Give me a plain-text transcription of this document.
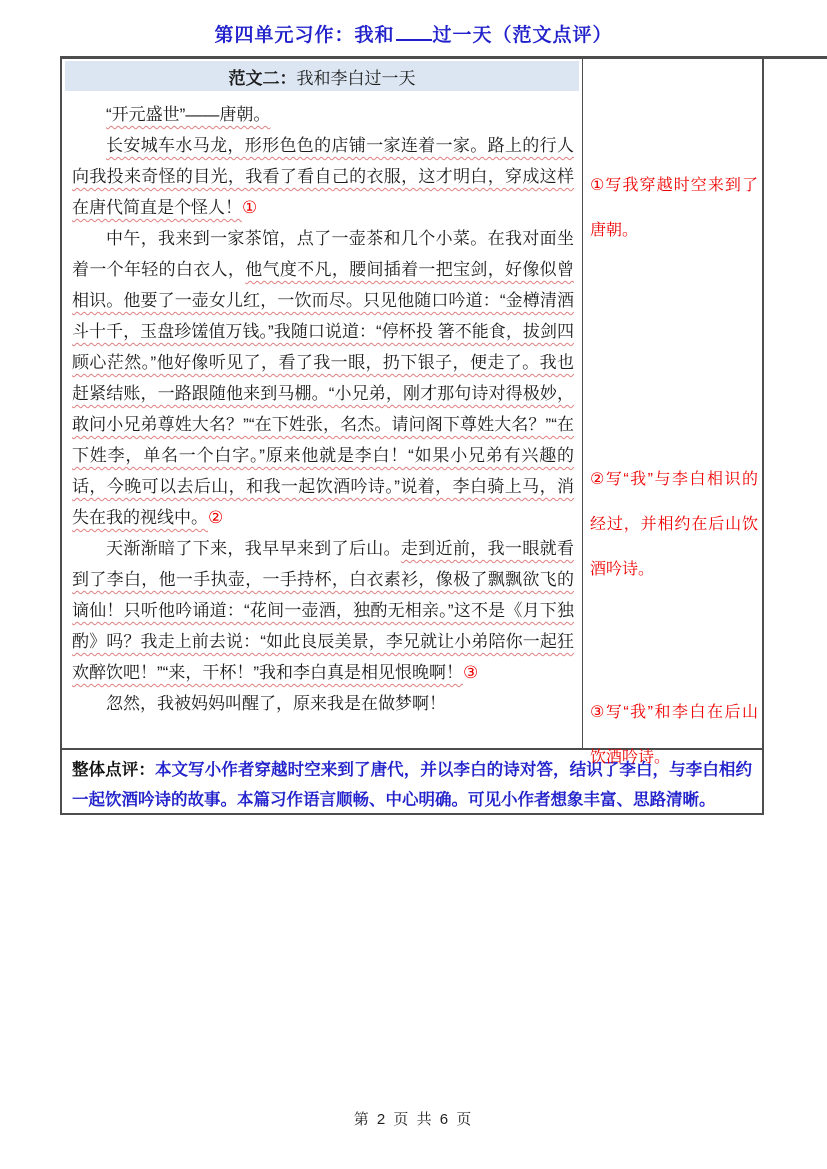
第四单元习作：我和 过一天（范文点评）
范文二： 我和李白过一天

“开元盛世”——唐朝。

长安城车水马龙，形形色色的店铺一家连着一家。路上的行人向我投来奇怪的目光，我看了看自己的衣服，这才明白，穿成这样在唐代简直是个怪人！①

中午，我来到一家茶馆，点了一壶茶和几个小菜。在我对面坐着一个年轻的白衣人，他气度不凡，腰间插着一把宝剑，好像似曾相识。他要了一壶女儿红，一饮而尽。只见他随口吟道：“金樽清酒 斗十千，玉盘珍馐值万钱。”我随口说道：“停杯投 箸不能食，拔剑四顾心茫然。”他好像听见了，看了我一眼，扔下银子，便走了。我也赶紧结账，一路跟随他来到马棚。“小兄弟，刚才那句诗对得极妙，敢问小兄弟尊姓大名？”“在下姓张，名杰。请问阁下尊姓大名？”“在下姓李，单名一个白字。”原来他就是李白！“如果小兄弟有兴趣的话，今晚可以去后山，和我一起饮酒吟诗。”说着，李白骑上马，消失在我的视线中。②

天渐渐暗了下来，我早早来到了后山。走到近前，我一眼就看到了李白，他一手执壶，一手持杯，白衣素衫，像极了飘飘欲飞的谪仙！只听他吟诵道：“花间一壶酒，独酌无相亲。”这不是《月下独酌》吗？我走上前去说：“如此良辰美景，李兄就让小弟陪你一起狂欢醉饮吧！”“来，干杯！”我和李白真是相见恨晚啊！③

忽然，我被妈妈叫醒了，原来我是在做梦啊！

①写我穿越时空来到了唐朝。
②写“我”与李白相识的经过，并相约在后山饮酒吟诗。
③写“我”和李白在后山饮酒吟诗。
整体点评：本文写小作者穿越时空来到了唐代，并以李白的诗对答，结识了李白，与李白相约一起饮酒吟诗的故事。本篇习作语言顺畅、中心明确。可见小作者想象丰富、思路清晰。
第 2 页 共 6 页
